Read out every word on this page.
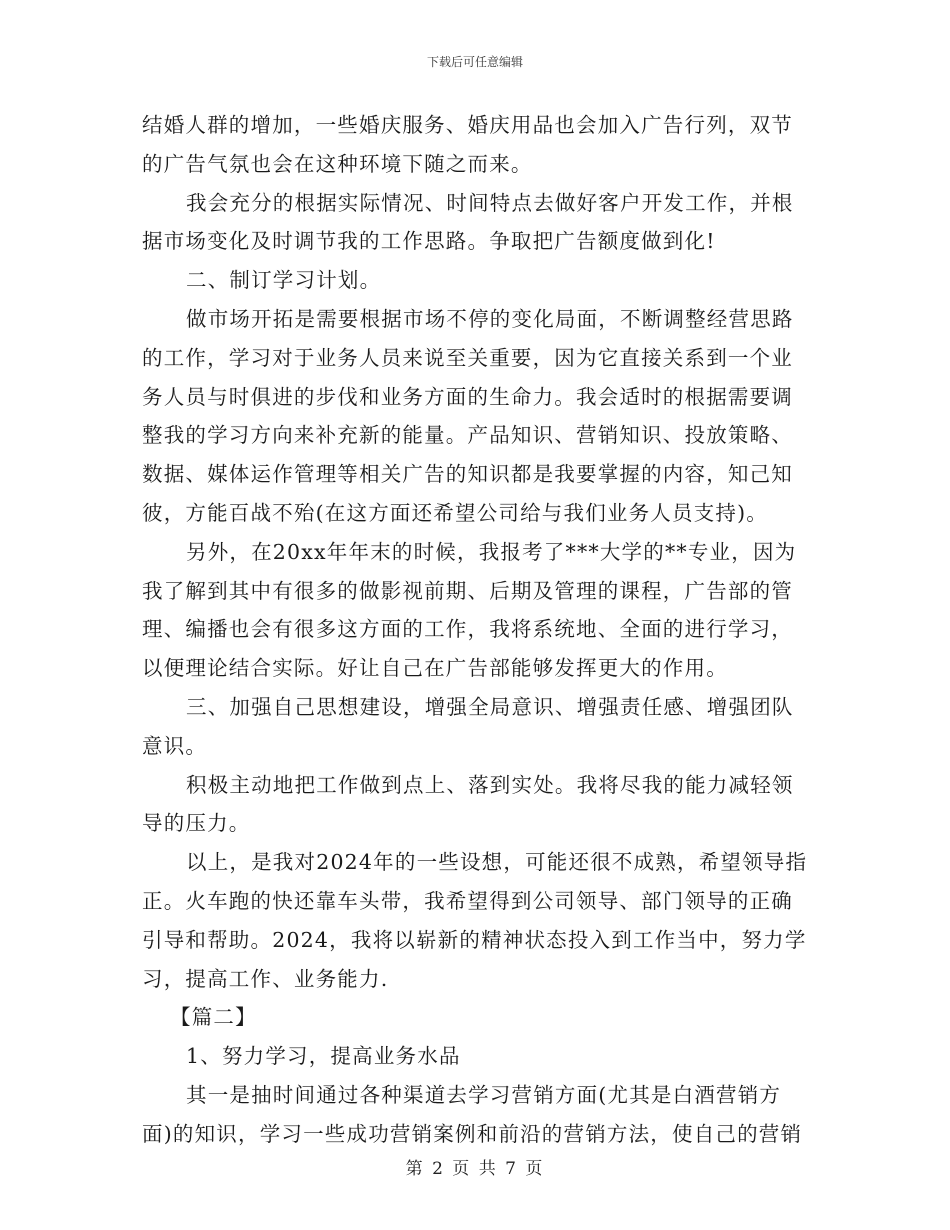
下载后可任意编辑
结婚人群的增加，一些婚庆服务、婚庆用品也会加入广告行列，双节
的广告气氛也会在这种环境下随之而来。
我会充分的根据实际情况、时间特点去做好客户开发工作，并根
据市场变化及时调节我的工作思路。争取把广告额度做到化!
二、制订学习计划。
做市场开拓是需要根据市场不停的变化局面，不断调整经营思路
的工作，学习对于业务人员来说至关重要，因为它直接关系到一个业
务人员与时俱进的步伐和业务方面的生命力。我会适时的根据需要调
整我的学习方向来补充新的能量。产品知识、营销知识、投放策略、
数据、媒体运作管理等相关广告的知识都是我要掌握的内容，知己知
彼，方能百战不殆(在这方面还希望公司给与我们业务人员支持)。
另外，在20xx年年末的时候，我报考了***大学的**专业，因为
我了解到其中有很多的做影视前期、后期及管理的课程，广告部的管
理、编播也会有很多这方面的工作，我将系统地、全面的进行学习，
以便理论结合实际。好让自己在广告部能够发挥更大的作用。
三、加强自己思想建设，增强全局意识、增强责任感、增强团队
意识。
积极主动地把工作做到点上、落到实处。我将尽我的能力减轻领
导的压力。
以上，是我对2024年的一些设想，可能还很不成熟，希望领导指
正。火车跑的快还靠车头带，我希望得到公司领导、部门领导的正确
引导和帮助。2024，我将以崭新的精神状态投入到工作当中，努力学
习，提高工作、业务能力.
【篇二】
1、努力学习，提高业务水品
其一是抽时间通过各种渠道去学习营销方面(尤其是白酒营销方
面)的知识，学习一些成功营销案例和前沿的营销方法，使自己的营销
第 2 页 共 7 页
